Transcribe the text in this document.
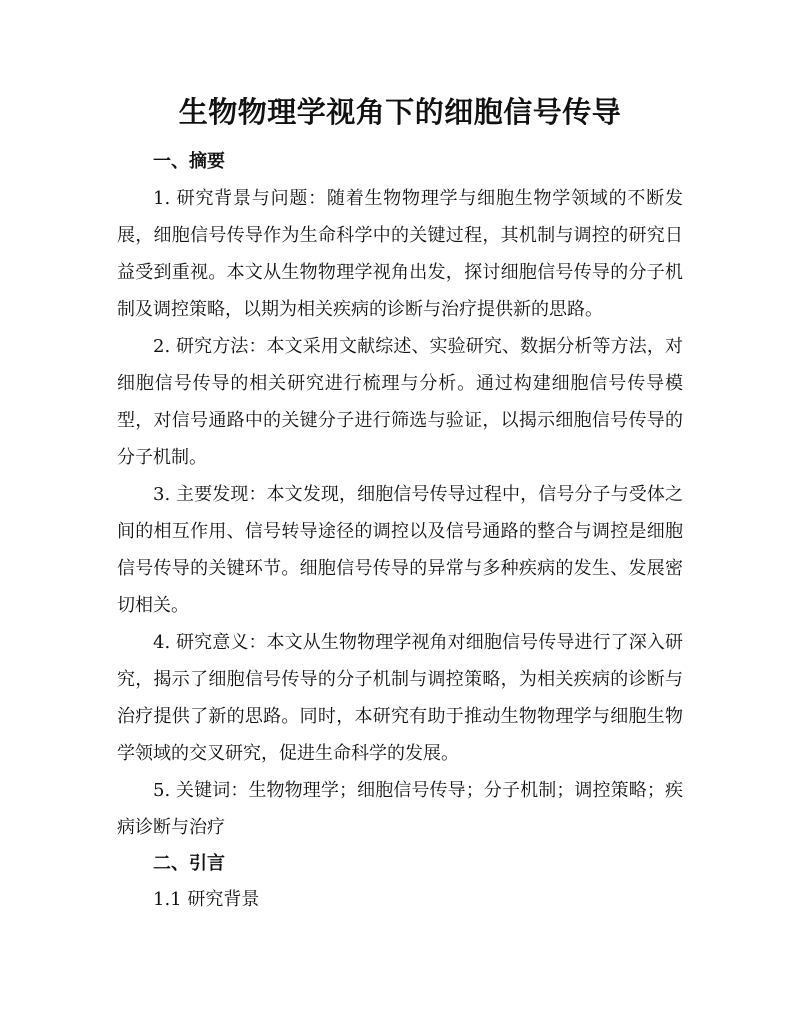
生物物理学视角下的细胞信号传导

一、摘要

1. 研究背景与问题：随着生物物理学与细胞生物学领域的不断发展，细胞信号传导作为生命科学中的关键过程，其机制与调控的研究日益受到重视。本文从生物物理学视角出发，探讨细胞信号传导的分子机制及调控策略，以期为相关疾病的诊断与治疗提供新的思路。

2. 研究方法：本文采用文献综述、实验研究、数据分析等方法，对细胞信号传导的相关研究进行梳理与分析。通过构建细胞信号传导模型，对信号通路中的关键分子进行筛选与验证，以揭示细胞信号传导的分子机制。

3. 主要发现：本文发现，细胞信号传导过程中，信号分子与受体之间的相互作用、信号转导途径的调控以及信号通路的整合与调控是细胞信号传导的关键环节。细胞信号传导的异常与多种疾病的发生、发展密切相关。

4. 研究意义：本文从生物物理学视角对细胞信号传导进行了深入研究，揭示了细胞信号传导的分子机制与调控策略，为相关疾病的诊断与治疗提供了新的思路。同时，本研究有助于推动生物物理学与细胞生物学领域的交叉研究，促进生命科学的发展。

5. 关键词：生物物理学；细胞信号传导；分子机制；调控策略；疾病诊断与治疗

二、引言

1.1 研究背景
